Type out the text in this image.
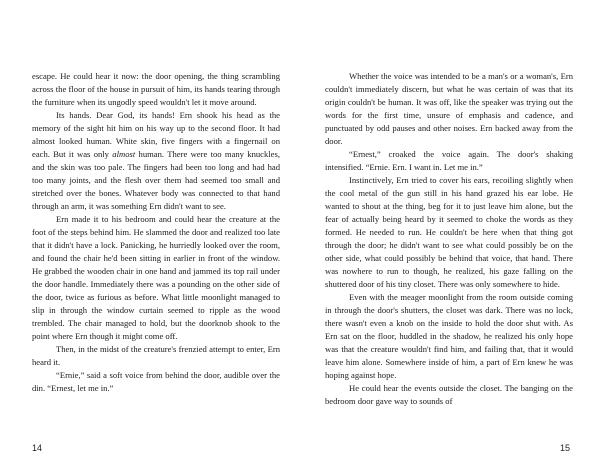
escape. He could hear it now: the door opening, the thing scrambling across the floor of the house in pursuit of him, its hands tearing through the furniture when its ungodly speed wouldn't let it move around.

Its hands. Dear God, its hands! Ern shook his head as the memory of the sight hit him on his way up to the second floor. It had almost looked human. White skin, five fingers with a fingernail on each. But it was only almost human. There were too many knuckles, and the skin was too pale. The fingers had been too long and had had too many joints, and the flesh over them had seemed too small and stretched over the bones. Whatever body was connected to that hand through an arm, it was something Ern didn't want to see.

Ern made it to his bedroom and could hear the creature at the foot of the steps behind him. He slammed the door and realized too late that it didn't have a lock. Panicking, he hurriedly looked over the room, and found the chair he'd been sitting in earlier in front of the window. He grabbed the wooden chair in one hand and jammed its top rail under the door handle. Immediately there was a pounding on the other side of the door, twice as furious as before. What little moonlight managed to slip in through the window curtain seemed to ripple as the wood trembled. The chair managed to hold, but the doorknob shook to the point where Ern though it might come off.

Then, in the midst of the creature's frenzied attempt to enter, Ern heard it.

“Ernie,” said a soft voice from behind the door, audible over the din. “Ernest, let me in.”

14

Whether the voice was intended to be a man's or a woman's, Ern couldn't immediately discern, but what he was certain of was that its origin couldn't be human. It was off, like the speaker was trying out the words for the first time, unsure of emphasis and cadence, and punctuated by odd pauses and other noises. Ern backed away from the door.

“Ernest,” croaked the voice again. The door's shaking intensified. “Ernie. Ern. I want in. Let me in.”

Instinctively, Ern tried to cover his ears, recoiling slightly when the cool metal of the gun still in his hand grazed his ear lobe. He wanted to shout at the thing, beg for it to just leave him alone, but the fear of actually being heard by it seemed to choke the words as they formed. He needed to run. He couldn't be here when that thing got through the door; he didn't want to see what could possibly be on the other side, what could possibly be behind that voice, that hand. There was nowhere to run to though, he realized, his gaze falling on the shuttered door of his tiny closet. There was only somewhere to hide.

Even with the meager moonlight from the room outside coming in through the door's shutters, the closet was dark. There was no lock, there wasn't even a knob on the inside to hold the door shut with. As Ern sat on the floor, huddled in the shadow, he realized his only hope was that the creature wouldn't find him, and failing that, that it would leave him alone. Somewhere inside of him, a part of Ern knew he was hoping against hope.

He could hear the events outside the closet. The banging on the bedroom door gave way to sounds of

15
